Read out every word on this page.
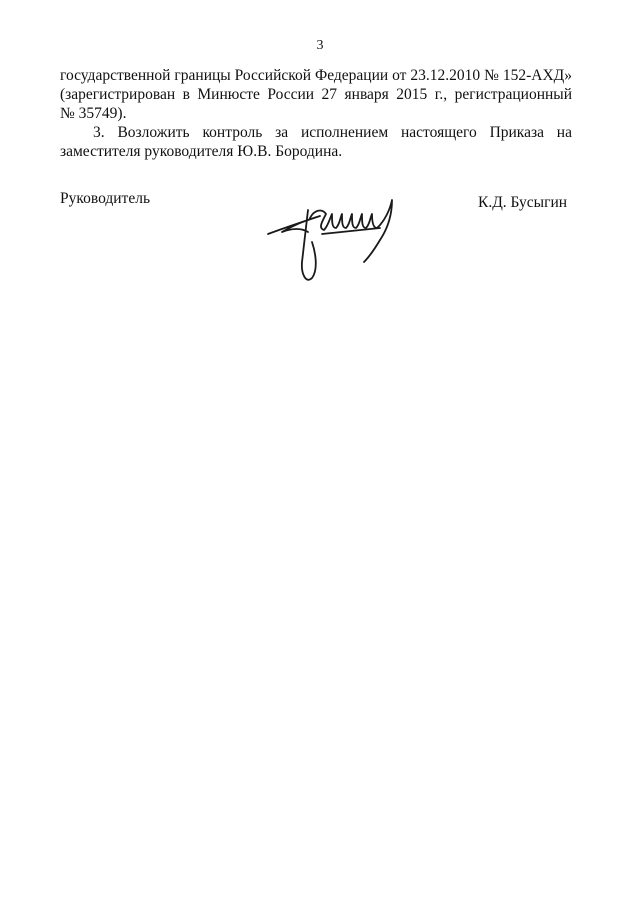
3

государственной границы Российской Федерации от 23.12.2010 № 152-АХД»
(зарегистрирован в Минюсте России 27 января 2015 г., регистрационный
№ 35749).

3. Возложить контроль за исполнением настоящего Приказа на
заместителя руководителя Ю.В. Бородина.

Руководитель	К.Д. Бусыгин
